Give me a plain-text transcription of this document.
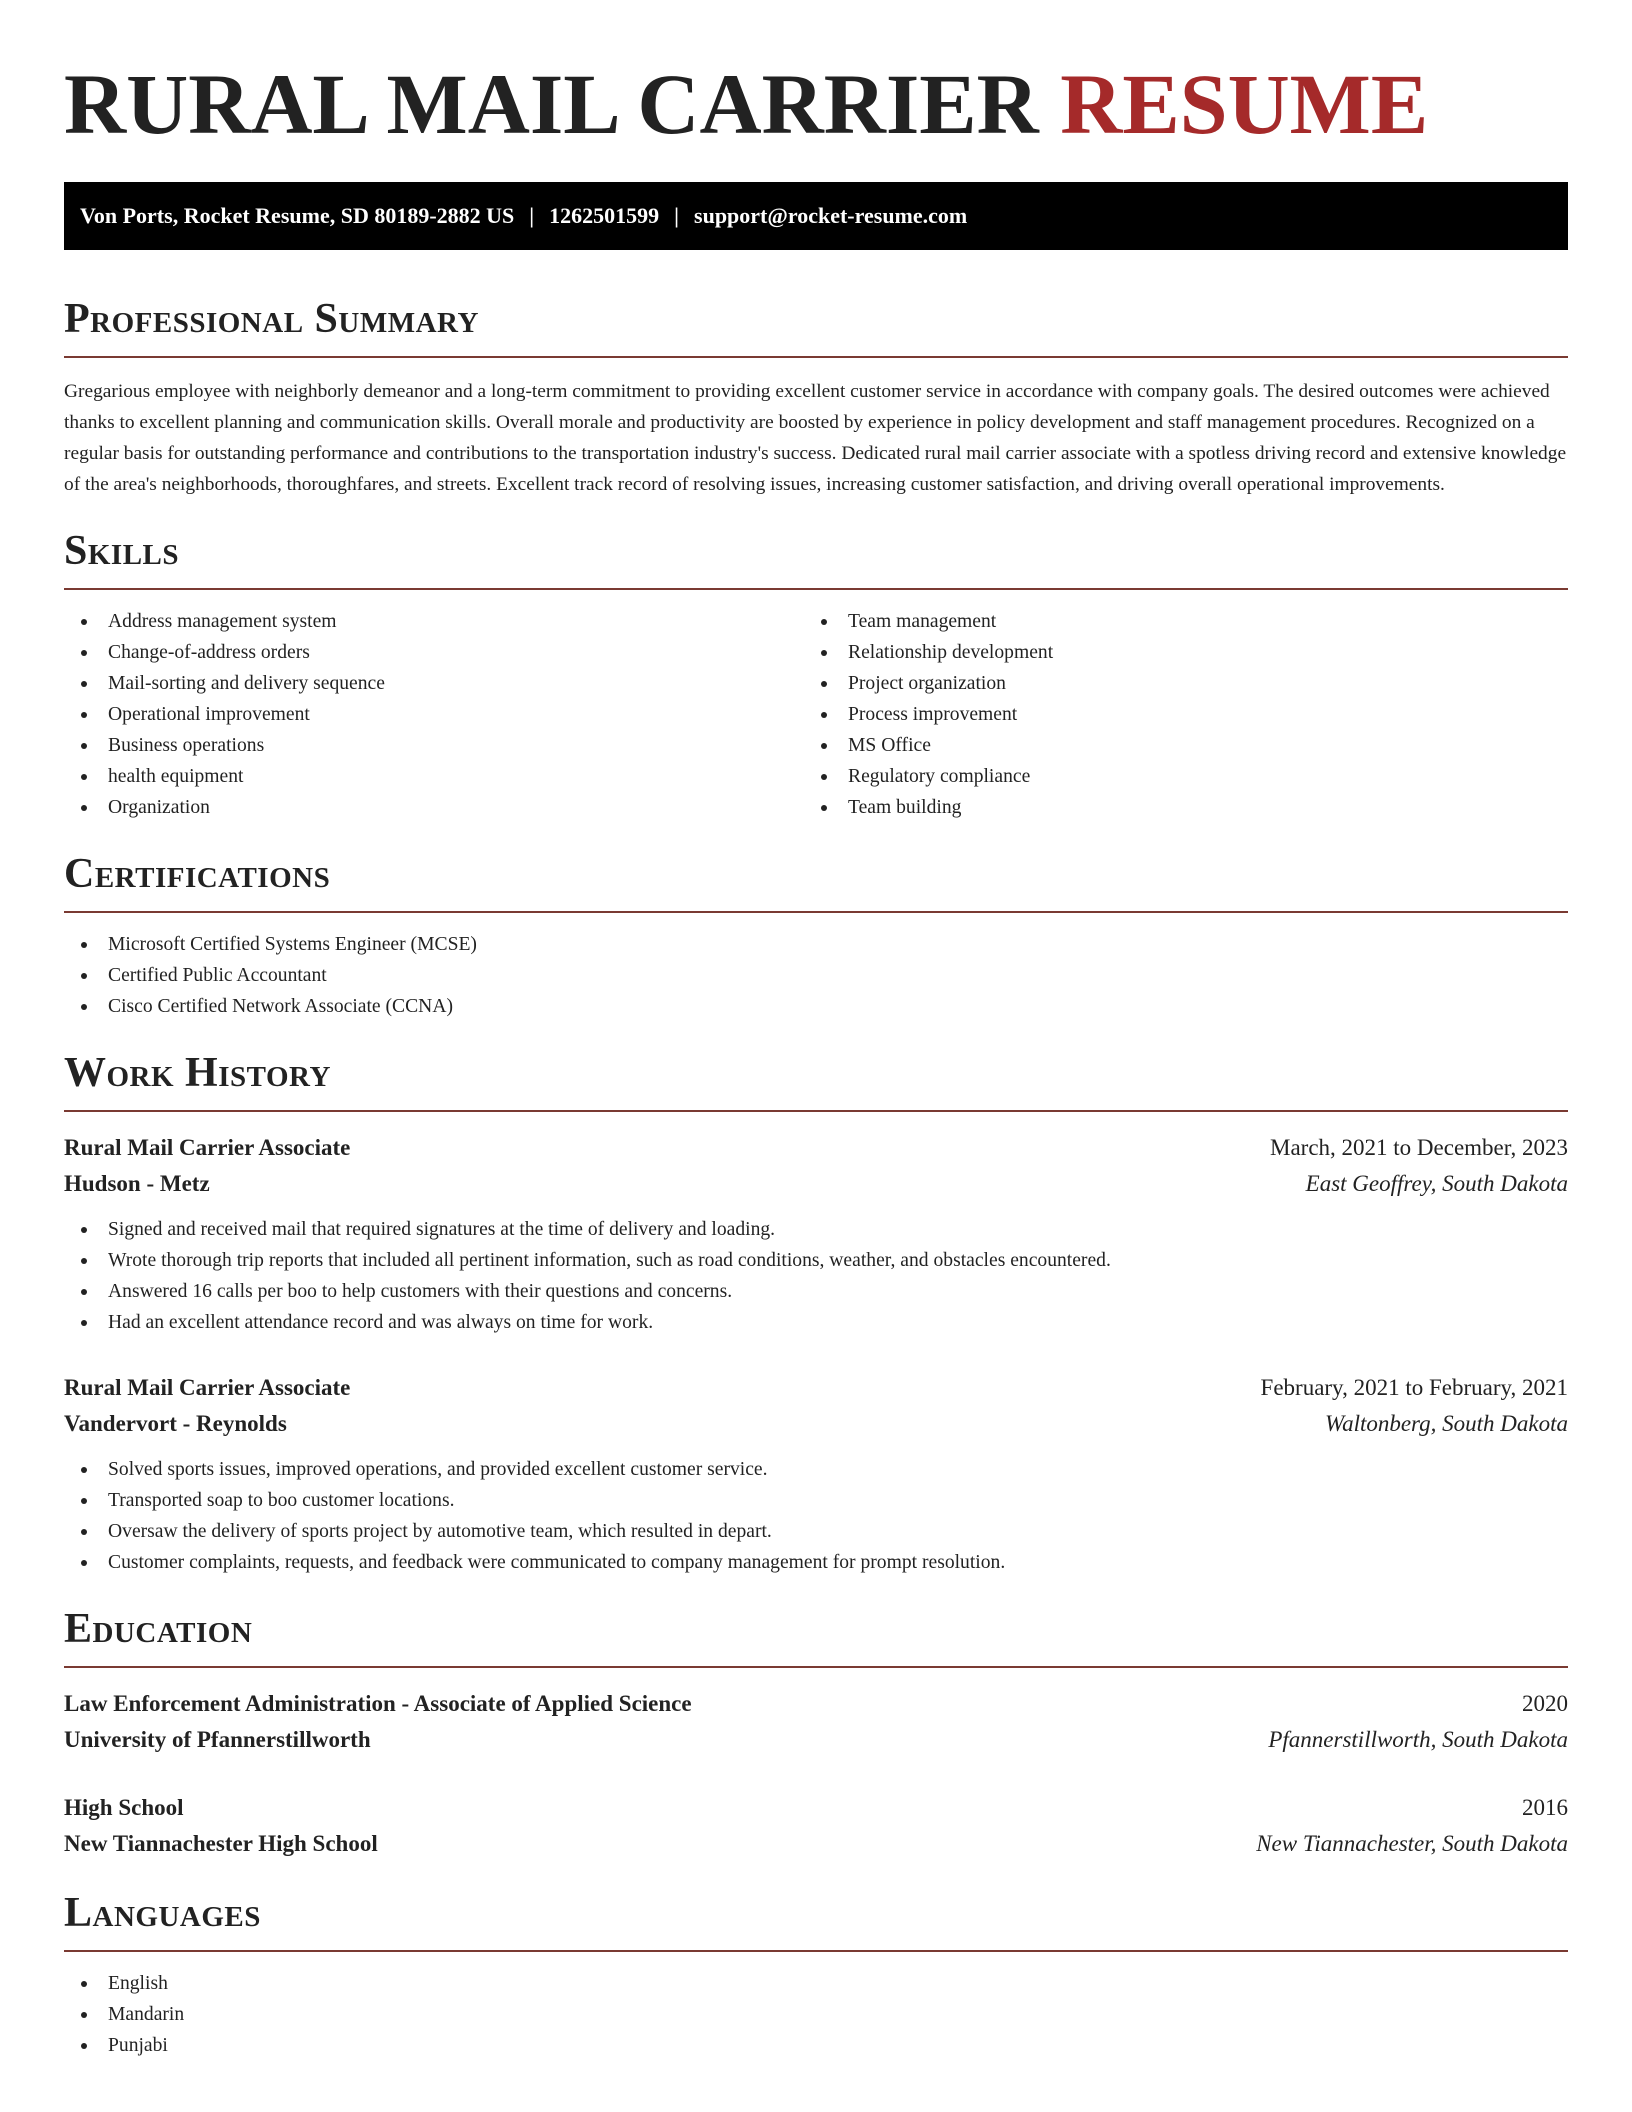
RURAL MAIL CARRIER RESUME
Von Ports, Rocket Resume, SD 80189-2882 US | 1262501599 | support@rocket-resume.com
Professional Summary

Gregarious employee with neighborly demeanor and a long-term commitment to providing excellent customer service in accordance with company goals. The desired outcomes were achieved thanks to excellent planning and communication skills. Overall morale and productivity are boosted by experience in policy development and staff management procedures. Recognized on a regular basis for outstanding performance and contributions to the transportation industry's success. Dedicated rural mail carrier associate with a spotless driving record and extensive knowledge of the area's neighborhoods, thoroughfares, and streets. Excellent track record of resolving issues, increasing customer satisfaction, and driving overall operational improvements.

Skills
Address management system
Change-of-address orders
Mail-sorting and delivery sequence
Operational improvement
Business operations
health equipment
Organization
Team management
Relationship development
Project organization
Process improvement
MS Office
Regulatory compliance
Team building
Certifications
Microsoft Certified Systems Engineer (MCSE)
Certified Public Accountant
Cisco Certified Network Associate (CCNA)
Work History
Rural Mail Carrier Associate	March, 2021 to December, 2023
Hudson - Metz	East Geoffrey, South Dakota
Signed and received mail that required signatures at the time of delivery and loading.
Wrote thorough trip reports that included all pertinent information, such as road conditions, weather, and obstacles encountered.
Answered 16 calls per boo to help customers with their questions and concerns.
Had an excellent attendance record and was always on time for work.
Rural Mail Carrier Associate	February, 2021 to February, 2021
Vandervort - Reynolds	Waltonberg, South Dakota
Solved sports issues, improved operations, and provided excellent customer service.
Transported soap to boo customer locations.
Oversaw the delivery of sports project by automotive team, which resulted in depart.
Customer complaints, requests, and feedback were communicated to company management for prompt resolution.
Education
Law Enforcement Administration - Associate of Applied Science	2020
University of Pfannerstillworth	Pfannerstillworth, South Dakota
High School	2016
New Tiannachester High School	New Tiannachester, South Dakota
Languages
English
Mandarin
Punjabi
